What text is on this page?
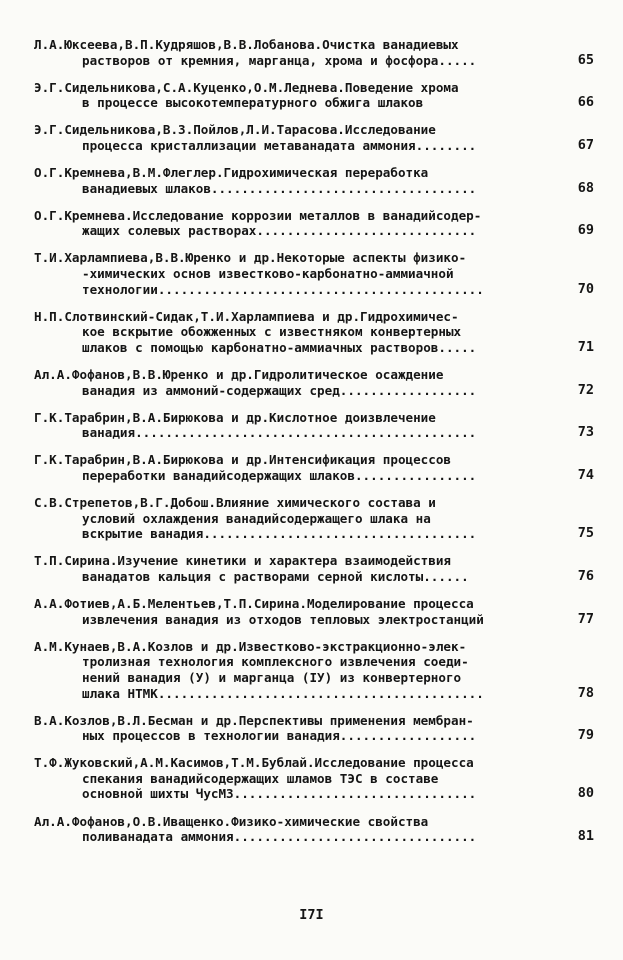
Л.А.Юксеева,В.П.Кудряшов,В.В.Лобанова.Очистка ванадиевых
растворов от кремния, марганца, хрома и фосфора.....	65
Э.Г.Сидельникова,С.А.Куценко,О.М.Леднева.Поведение хрома
в процессе высокотемпературного обжига шлаков	66
Э.Г.Сидельникова,В.З.Пойлов,Л.И.Тарасова.Исследование
процесса кристаллизации метаванадата аммония........	67
О.Г.Кремнева,В.М.Флеглер.Гидрохимическая переработка
ванадиевых шлаков...................................	68
О.Г.Кремнева.Исследование коррозии металлов в ванадийсодер-
жащих солевых растворах.............................	69
Т.И.Харлампиева,В.В.Юренко и др.Некоторые аспекты физико-
-химических основ известково-карбонатно-аммиачной
технологии...........................................	70
Н.П.Слотвинский-Сидак,Т.И.Харлампиева и др.Гидрохимичес-
кое вскрытие обожженных с известняком конвертерных
шлаков с помощью карбонатно-аммиачных растворов.....	71
Ал.А.Фофанов,В.В.Юренко и др.Гидролитическое осаждение
ванадия из аммоний-содержащих сред..................	72
Г.К.Тарабрин,В.А.Бирюкова и др.Кислотное доизвлечение
ванадия.............................................	73
Г.К.Тарабрин,В.А.Бирюкова и др.Интенсификация процессов
переработки ванадийсодержащих шлаков................	74
С.В.Стрепетов,В.Г.Добош.Влияние химического состава и
условий охлаждения ванадийсодержащего шлака на
вскрытие ванадия....................................	75
Т.П.Сирина.Изучение кинетики и характера взаимодействия
ванадатов кальция с растворами серной кислоты......	76
А.А.Фотиев,А.Б.Мелентьев,Т.П.Сирина.Моделирование процесса
извлечения ванадия из отходов тепловых электростанций	77
А.М.Кунаев,В.А.Козлов и др.Известково-экстракционно-элек-
тролизная технология комплексного извлечения соеди-
нений ванадия (У) и марганца (IУ) из конвертерного
шлака НТМК...........................................	78
В.А.Козлов,В.Л.Бесман и др.Перспективы применения мембран-
ных процессов в технологии ванадия..................	79
Т.Ф.Жуковский,А.М.Касимов,Т.М.Бублай.Исследование процесса
спекания ванадийсодержащих шламов ТЭС в составе
основной шихты ЧусМЗ................................	80
Ал.А.Фофанов,О.В.Иващенко.Физико-химические свойства
поливанадата аммония................................	81
I7I
